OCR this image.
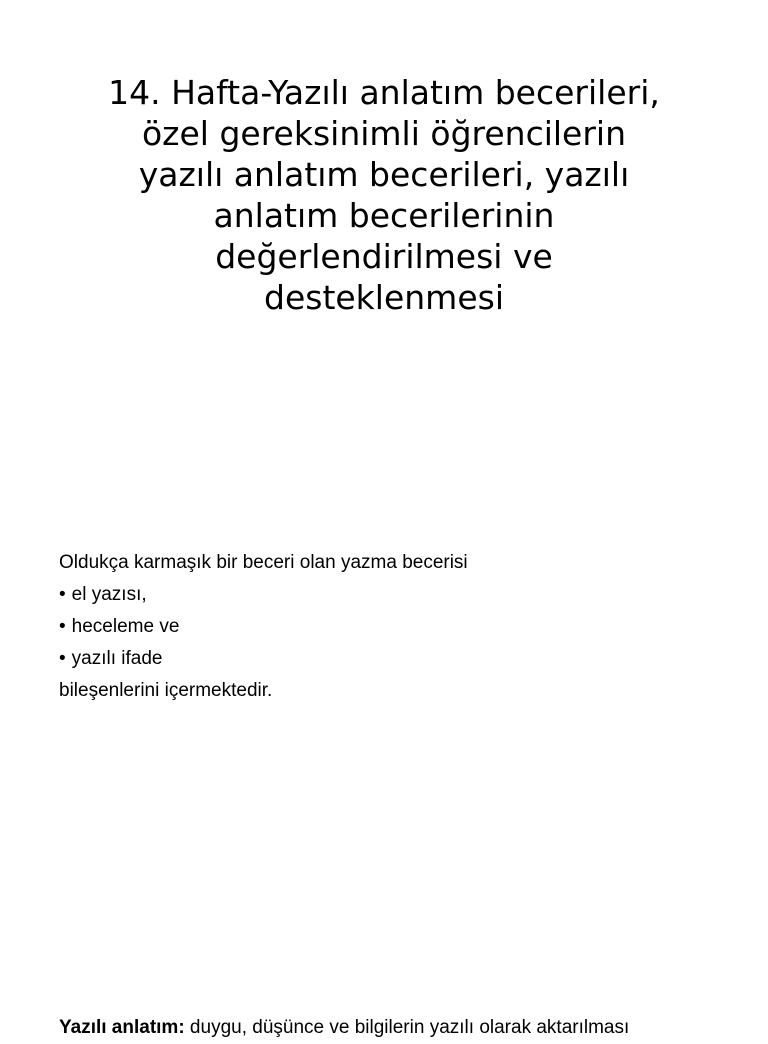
14. Hafta-Yazılı anlatım becerileri, özel gereksinimli öğrencilerin yazılı anlatım becerileri, yazılı anlatım becerilerinin değerlendirilmesi ve desteklenmesi

Oldukça karmaşık bir beceri olan yazma becerisi

• el yazısı,
• heceleme ve
• yazılı ifade

bileşenlerini içermektedir.

Yazılı anlatım: duygu, düşünce ve bilgilerin yazılı olarak aktarılması
